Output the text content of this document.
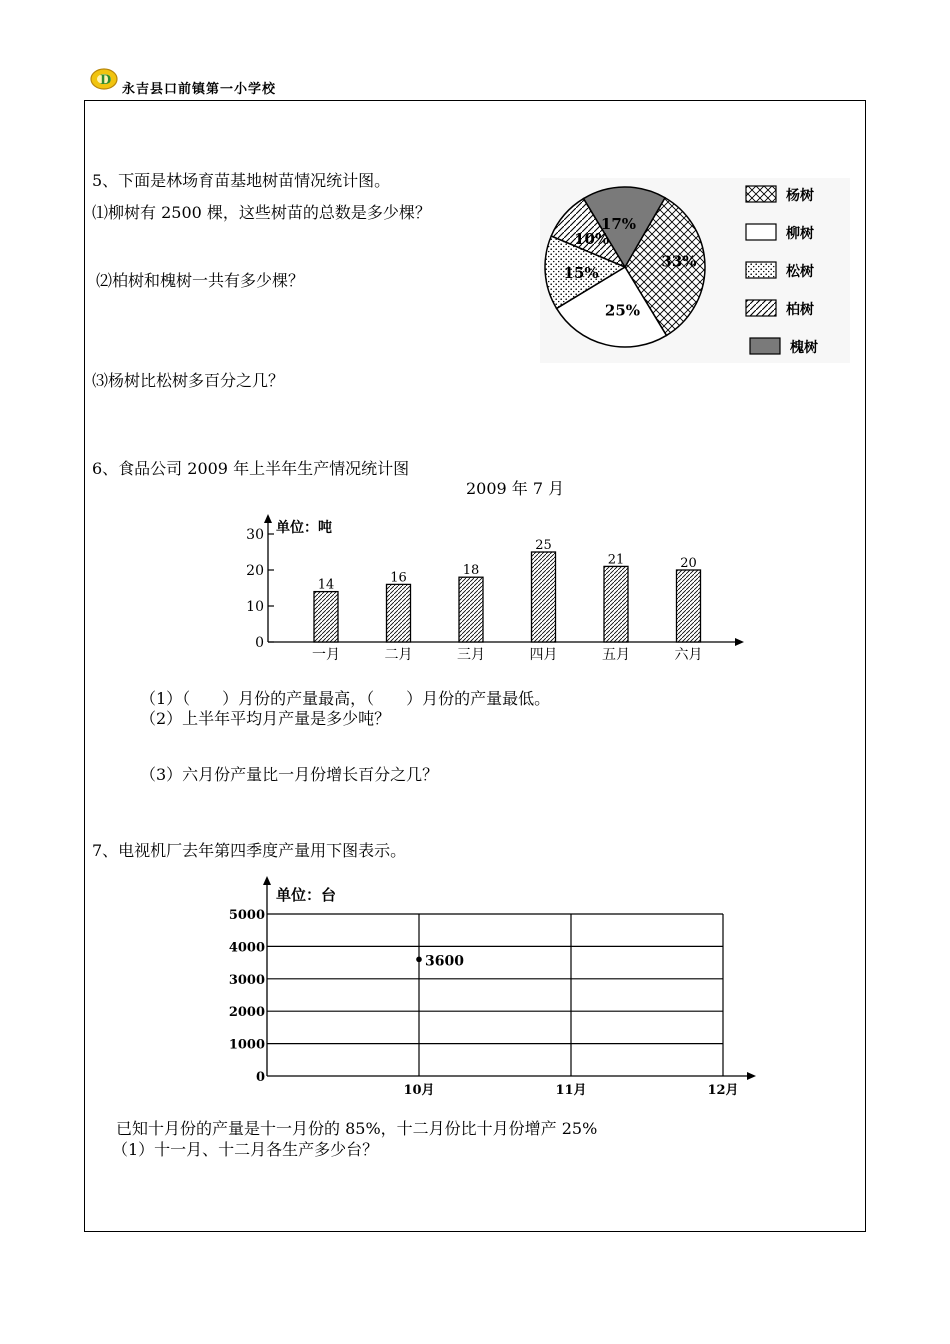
D
永吉县口前镇第一小学校
5、下面是林场育苗基地树苗情况统计图。
⑴柳树有 2500 棵，这些树苗的总数是多少棵？
⑵柏树和槐树一共有多少棵？
⑶杨树比松树多百分之几？
33%
25%
15%
10%
17%
杨树
柳树
松树
柏树
槐树
6、食品公司 2009 年上半年生产情况统计图
2009 年 7 月
单位：吨
0
10
20
30
14	16	18
25
21	20
一月	二月	三月	四月	五月	六月
（1）（　　）月份的产量最高，（　　）月份的产量最低。
（2）上半年平均月产量是多少吨？
（3）六月份产量比一月份增长百分之几？
7、电视机厂去年第四季度产量用下图表示。
单位：台
0
1000
2000
3000
4000
5000
10月	11月	12月
3600
已知十月份的产量是十一月份的 85%，十二月份比十月份增产 25%
（1）十一月、十二月各生产多少台？
